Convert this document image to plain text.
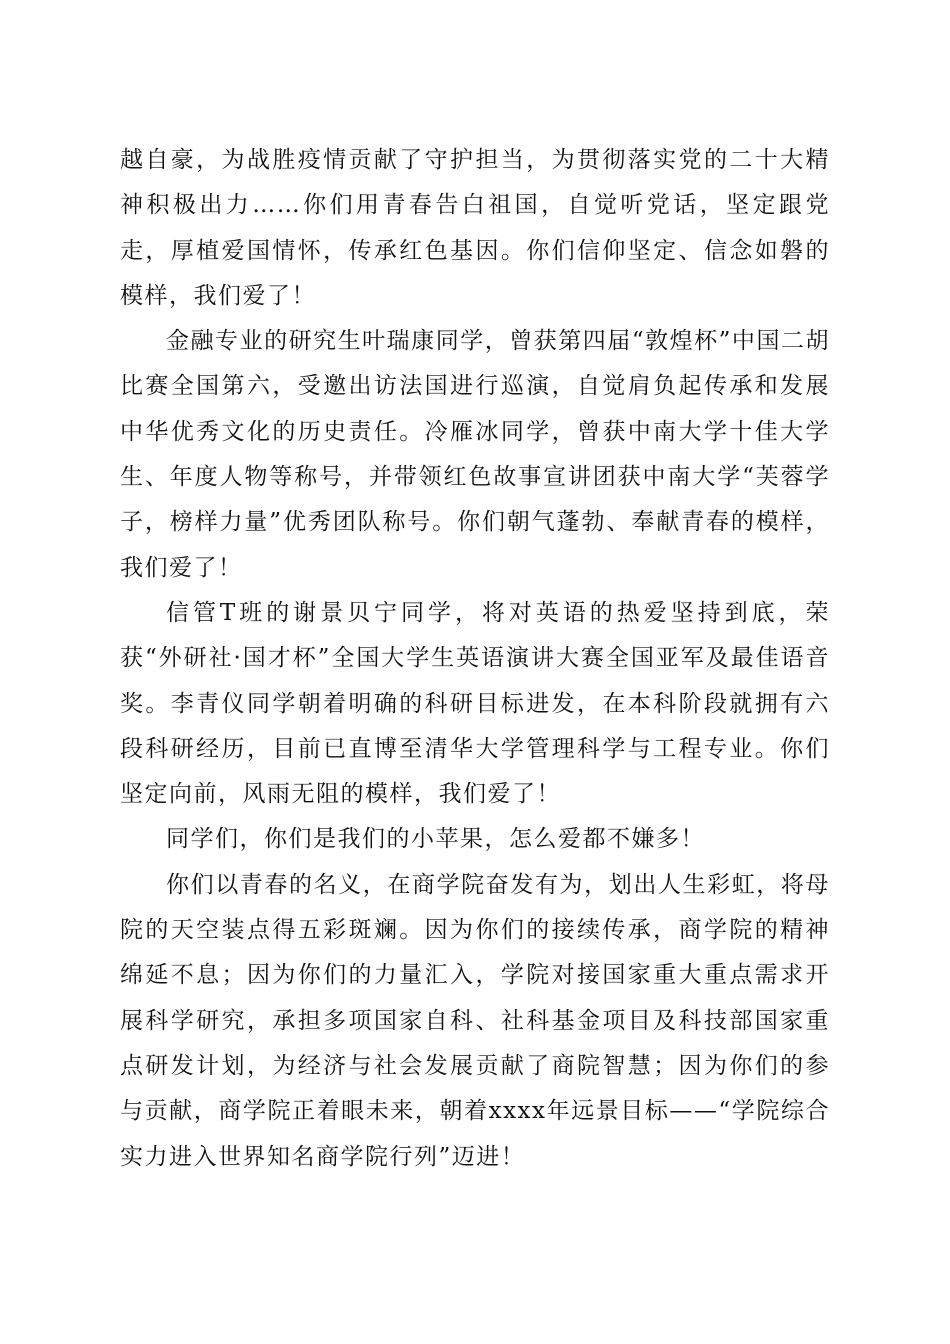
越自豪，为战胜疫情贡献了守护担当，为贯彻落实党的二十大精神积极出力……你们用青春告白祖国，自觉听党话，坚定跟党走，厚植爱国情怀，传承红色基因。你们信仰坚定、信念如磐的模样，我们爱了！

金融专业的研究生叶瑞康同学，曾获第四届“敦煌杯”中国二胡比赛全国第六，受邀出访法国进行巡演，自觉肩负起传承和发展中华优秀文化的历史责任。冷雁冰同学，曾获中南大学十佳大学生、年度人物等称号，并带领红色故事宣讲团获中南大学“芙蓉学子，榜样力量”优秀团队称号。你们朝气蓬勃、奉献青春的模样，我们爱了！

信管T班的谢景贝宁同学，将对英语的热爱坚持到底，荣获“外研社·国才杯”全国大学生英语演讲大赛全国亚军及最佳语音奖。李青仪同学朝着明确的科研目标进发，在本科阶段就拥有六段科研经历，目前已直博至清华大学管理科学与工程专业。你们坚定向前，风雨无阻的模样，我们爱了！

同学们，你们是我们的小苹果，怎么爱都不嫌多！

你们以青春的名义，在商学院奋发有为，划出人生彩虹，将母院的天空装点得五彩斑斓。因为你们的接续传承，商学院的精神绵延不息；因为你们的力量汇入，学院对接国家重大重点需求开展科学研究，承担多项国家自科、社科基金项目及科技部国家重点研发计划，为经济与社会发展贡献了商院智慧；因为你们的参与贡献，商学院正着眼未来，朝着xxxx年远景目标——“学院综合实力进入世界知名商学院行列”迈进！
